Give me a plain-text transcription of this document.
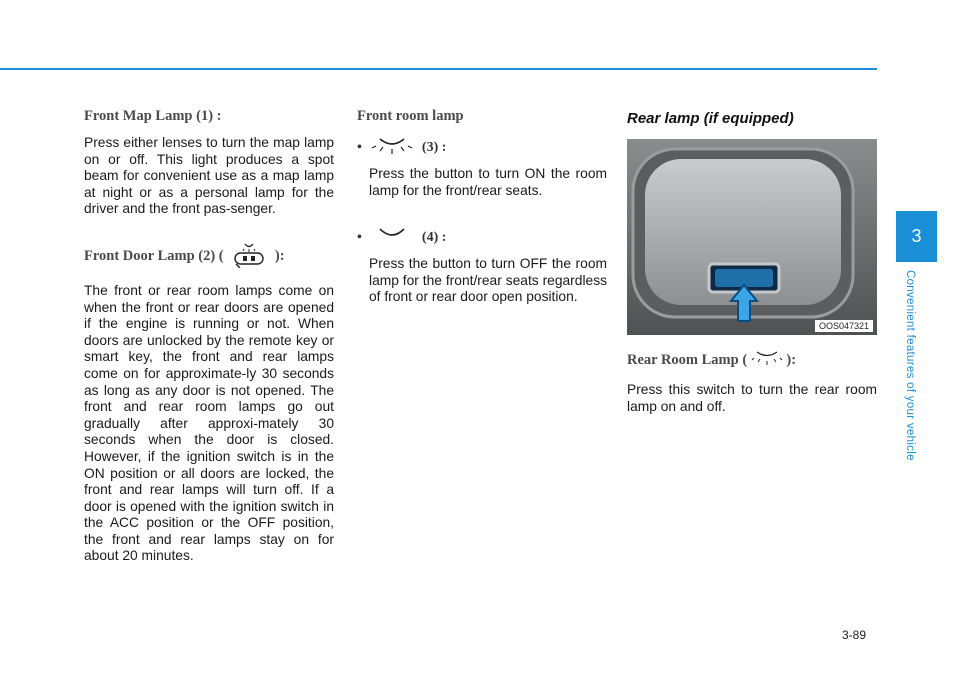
Front Map Lamp (1) :

Press either lenses to turn the map lamp on or off. This light produces a spot beam for convenient use as a map lamp at night or as a personal lamp for the driver and the front pas-senger.

Front Door Lamp (2) (	):

The front or rear room lamps come on when the front or rear doors are opened if the engine is running or not. When doors are unlocked by the remote key or smart key, the front and rear lamps come on for approximate-ly 30 seconds as long as any door is not opened. The front and rear room lamps go out gradually after approxi-mately 30 seconds when the door is closed. However, if the ignition switch is in the ON position or all doors are locked, the front and rear lamps will turn off. If a door is opened with the ignition switch in the ACC position or the OFF position, the front and rear lamps stay on for about 20 minutes.

Front room lamp
•	(3) :

Press the button to turn ON the room lamp for the front/rear seats.

•	(4) :

Press the button to turn OFF the room lamp for the front/rear seats regardless of front or rear door open position.

Rear lamp (if equipped)
OOS047321
Rear Room Lamp (	):

Press this switch to turn the rear room lamp on and off.

3
Convenient features of your vehicle
3-89
